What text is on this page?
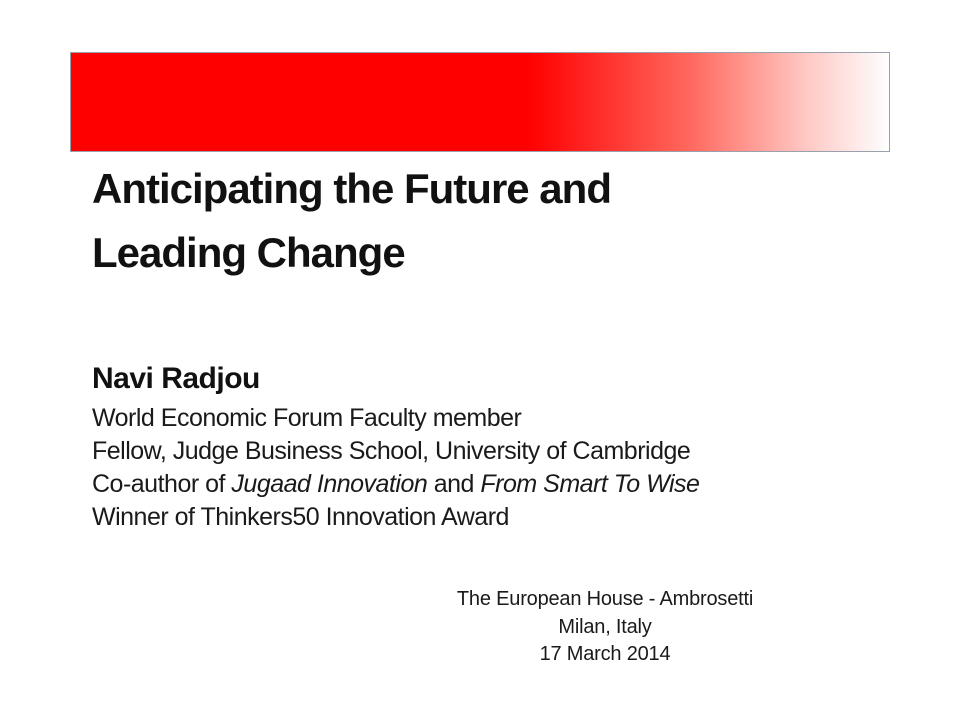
Anticipating the Future and
Leading Change
Navi Radjou
World Economic Forum Faculty member
Fellow, Judge Business School, University of Cambridge
Co-author of Jugaad Innovation and From Smart To Wise
Winner of Thinkers50 Innovation Award
The European House - Ambrosetti
Milan, Italy
17 March 2014
